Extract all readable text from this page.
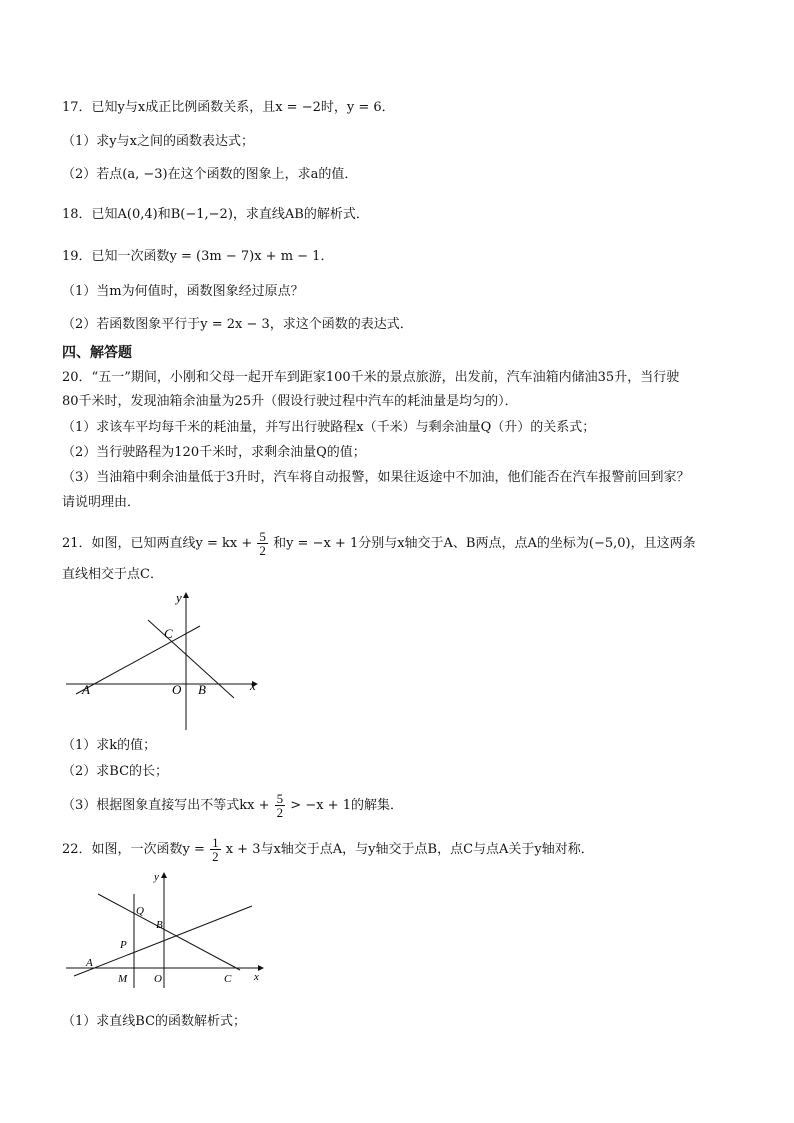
17．已知y与x成正比例函数关系，且x = −2时，y = 6．
（1）求y与x之间的函数表达式；
（2）若点(a, −3)在这个函数的图象上，求a的值．
18．已知A(0,4)和B(−1,−2)，求直线AB的解析式．
19．已知一次函数y = (3m − 7)x + m − 1．
（1）当m为何值时，函数图象经过原点？
（2）若函数图象平行于y = 2x − 3，求这个函数的表达式．
四、解答题
20．“五一”期间，小刚和父母一起开车到距家100千米的景点旅游，出发前，汽车油箱内储油35升，当行驶
80千米时，发现油箱余油量为25升（假设行驶过程中汽车的耗油量是均匀的）．
（1）求该车平均每千米的耗油量，并写出行驶路程x（千米）与剩余油量Q（升）的关系式；
（2）当行驶路程为120千米时，求剩余油量Q的值；
（3）当油箱中剩余油量低于3升时，汽车将自动报警，如果往返途中不加油，他们能否在汽车报警前回到家？
请说明理由．
21．如图，已知两直线y = kx + $\frac{5}{2}$ 和y = −x + 1分别与x轴交于A、B两点，点A的坐标为(−5,0)，且这两条
直线相交于点C．
y
x
C
A	O B
（1）求k的值；
（2）求BC的长；
（3）根据图象直接写出不等式kx + $\frac{5}{2} > -x + 1$的解集．
22．如图，一次函数$y = \frac{1}{2}$ x + 3与x轴交于点A，与y轴交于点B，点C与点A关于y轴对称．
y
x
Q
B
P
A
M O	C
（1）求直线BC的函数解析式；
